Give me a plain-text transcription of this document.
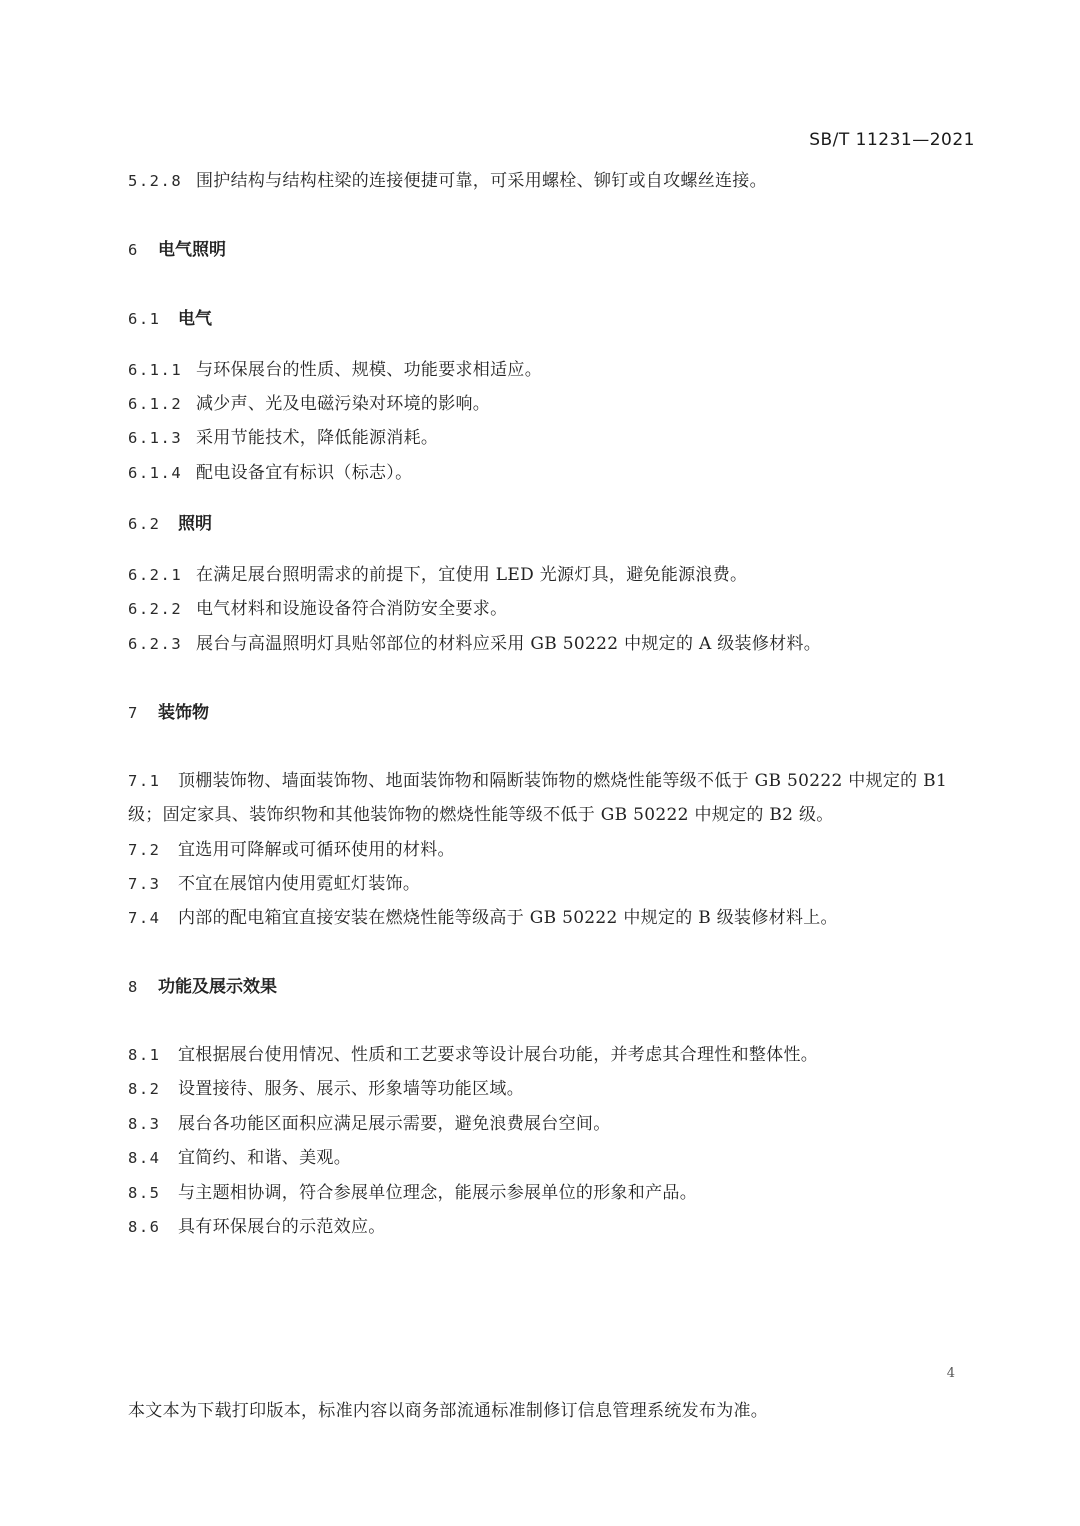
SB/T 11231—2021
5.2.8 围护结构与结构柱梁的连接便捷可靠，可采用螺栓、铆钉或自攻螺丝连接。
6 电气照明
6.1 电气
6.1.1 与环保展台的性质、规模、功能要求相适应。
6.1.2 减少声、光及电磁污染对环境的影响。
6.1.3 采用节能技术，降低能源消耗。
6.1.4 配电设备宜有标识（标志）。
6.2 照明
6.2.1 在满足展台照明需求的前提下，宜使用 LED 光源灯具，避免能源浪费。
6.2.2 电气材料和设施设备符合消防安全要求。
6.2.3 展台与高温照明灯具贴邻部位的材料应采用 GB 50222 中规定的 A 级装修材料。
7 装饰物
7.1 顶棚装饰物、墙面装饰物、地面装饰物和隔断装饰物的燃烧性能等级不低于 GB 50222 中规定的 B1
级；固定家具、装饰织物和其他装饰物的燃烧性能等级不低于 GB 50222 中规定的 B2 级。
7.2 宜选用可降解或可循环使用的材料。
7.3 不宜在展馆内使用霓虹灯装饰。
7.4 内部的配电箱宜直接安装在燃烧性能等级高于 GB 50222 中规定的 B 级装修材料上。
8 功能及展示效果
8.1 宜根据展台使用情况、性质和工艺要求等设计展台功能，并考虑其合理性和整体性。
8.2 设置接待、服务、展示、形象墙等功能区域。
8.3 展台各功能区面积应满足展示需要，避免浪费展台空间。
8.4 宜简约、和谐、美观。
8.5 与主题相协调，符合参展单位理念，能展示参展单位的形象和产品。
8.6 具有环保展台的示范效应。
4
本文本为下载打印版本，标准内容以商务部流通标准制修订信息管理系统发布为准。
